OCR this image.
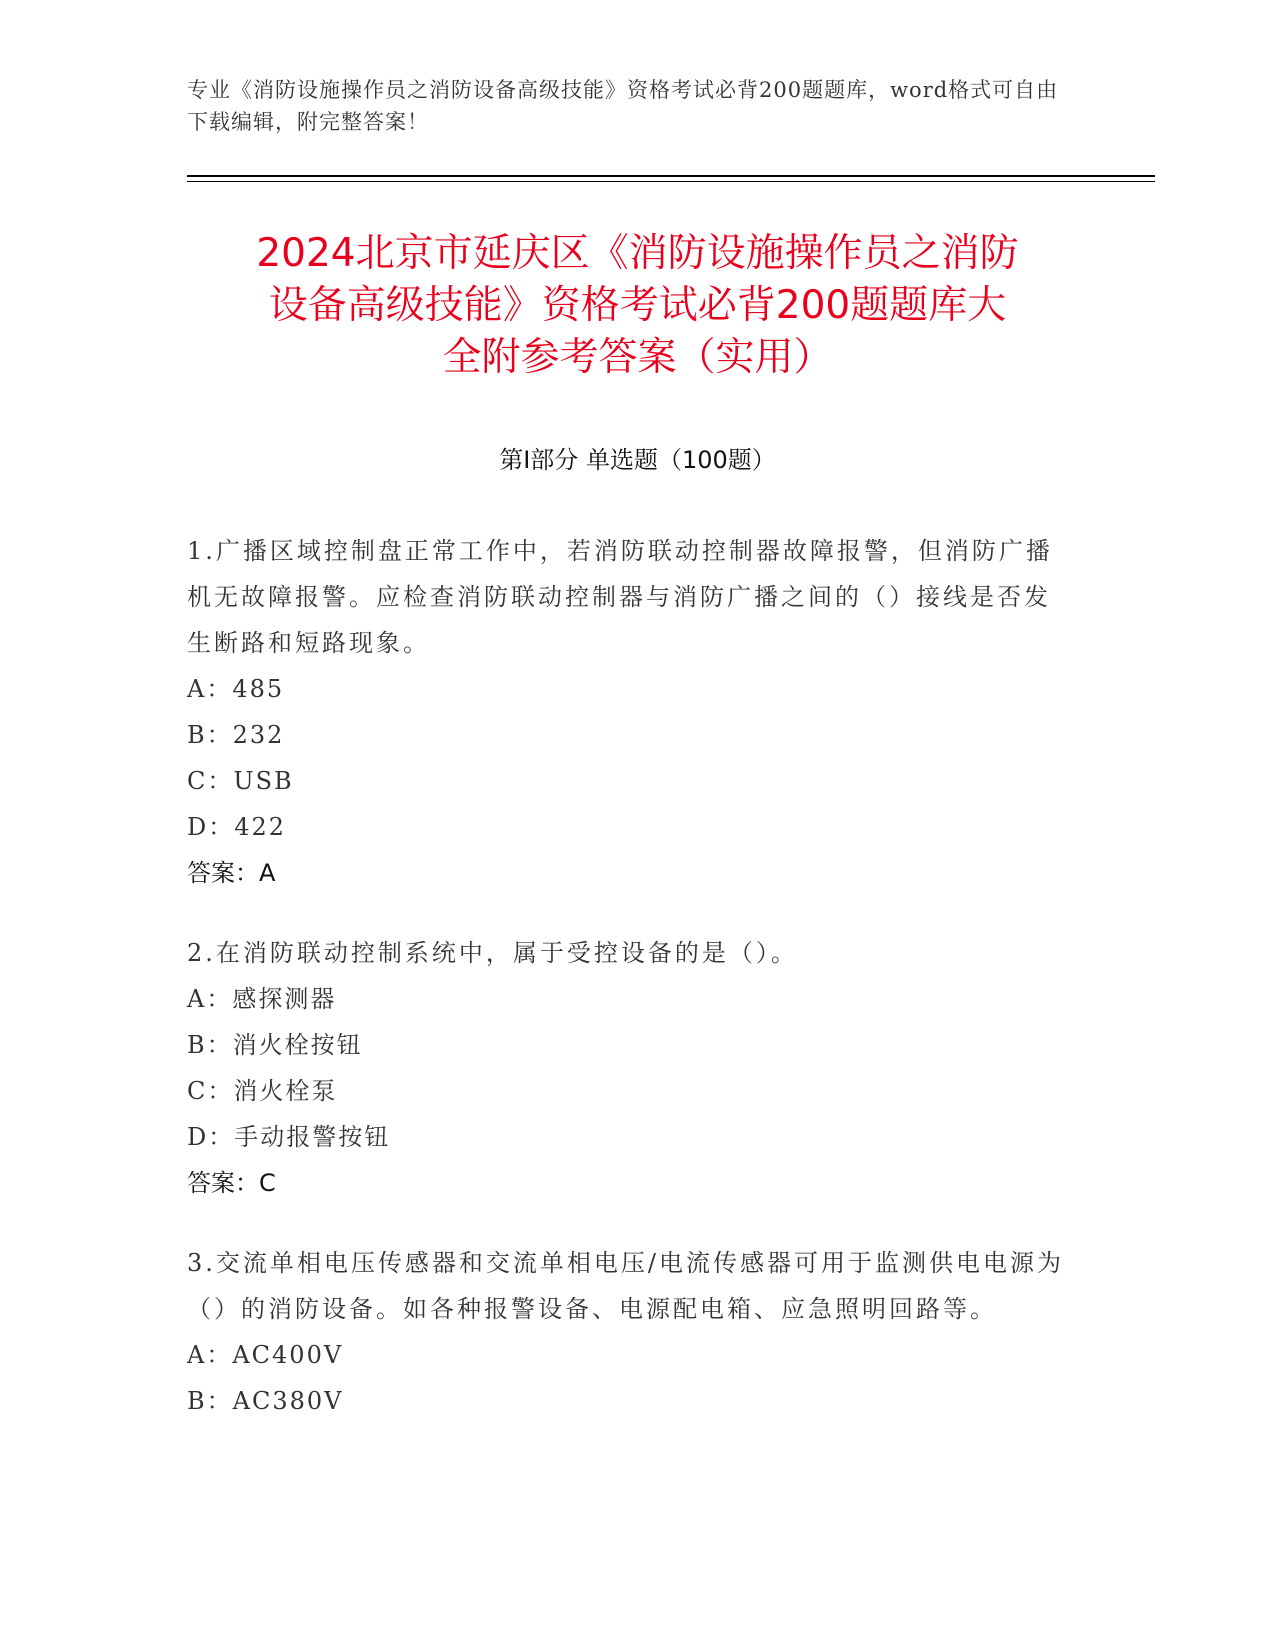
专业《消防设施操作员之消防设备高级技能》资格考试必背200题题库，word格式可自由下载编辑，附完整答案！
2024北京市延庆区《消防设施操作员之消防
设备高级技能》资格考试必背200题题库大
全附参考答案（实用）
第I部分 单选题（100题）
1.广播区域控制盘正常工作中，若消防联动控制器故障报警，但消防广播机无故障报警。应检查消防联动控制器与消防广播之间的（）接线是否发生断路和短路现象。
A：485
B：232
C：USB
D：422
答案：A
2.在消防联动控制系统中，属于受控设备的是（）。
A：感探测器
B：消火栓按钮
C：消火栓泵
D：手动报警按钮
答案：C
3.交流单相电压传感器和交流单相电压/电流传感器可用于监测供电电源为（）的消防设备。如各种报警设备、电源配电箱、应急照明回路等。
A：AC400V
B：AC380V
